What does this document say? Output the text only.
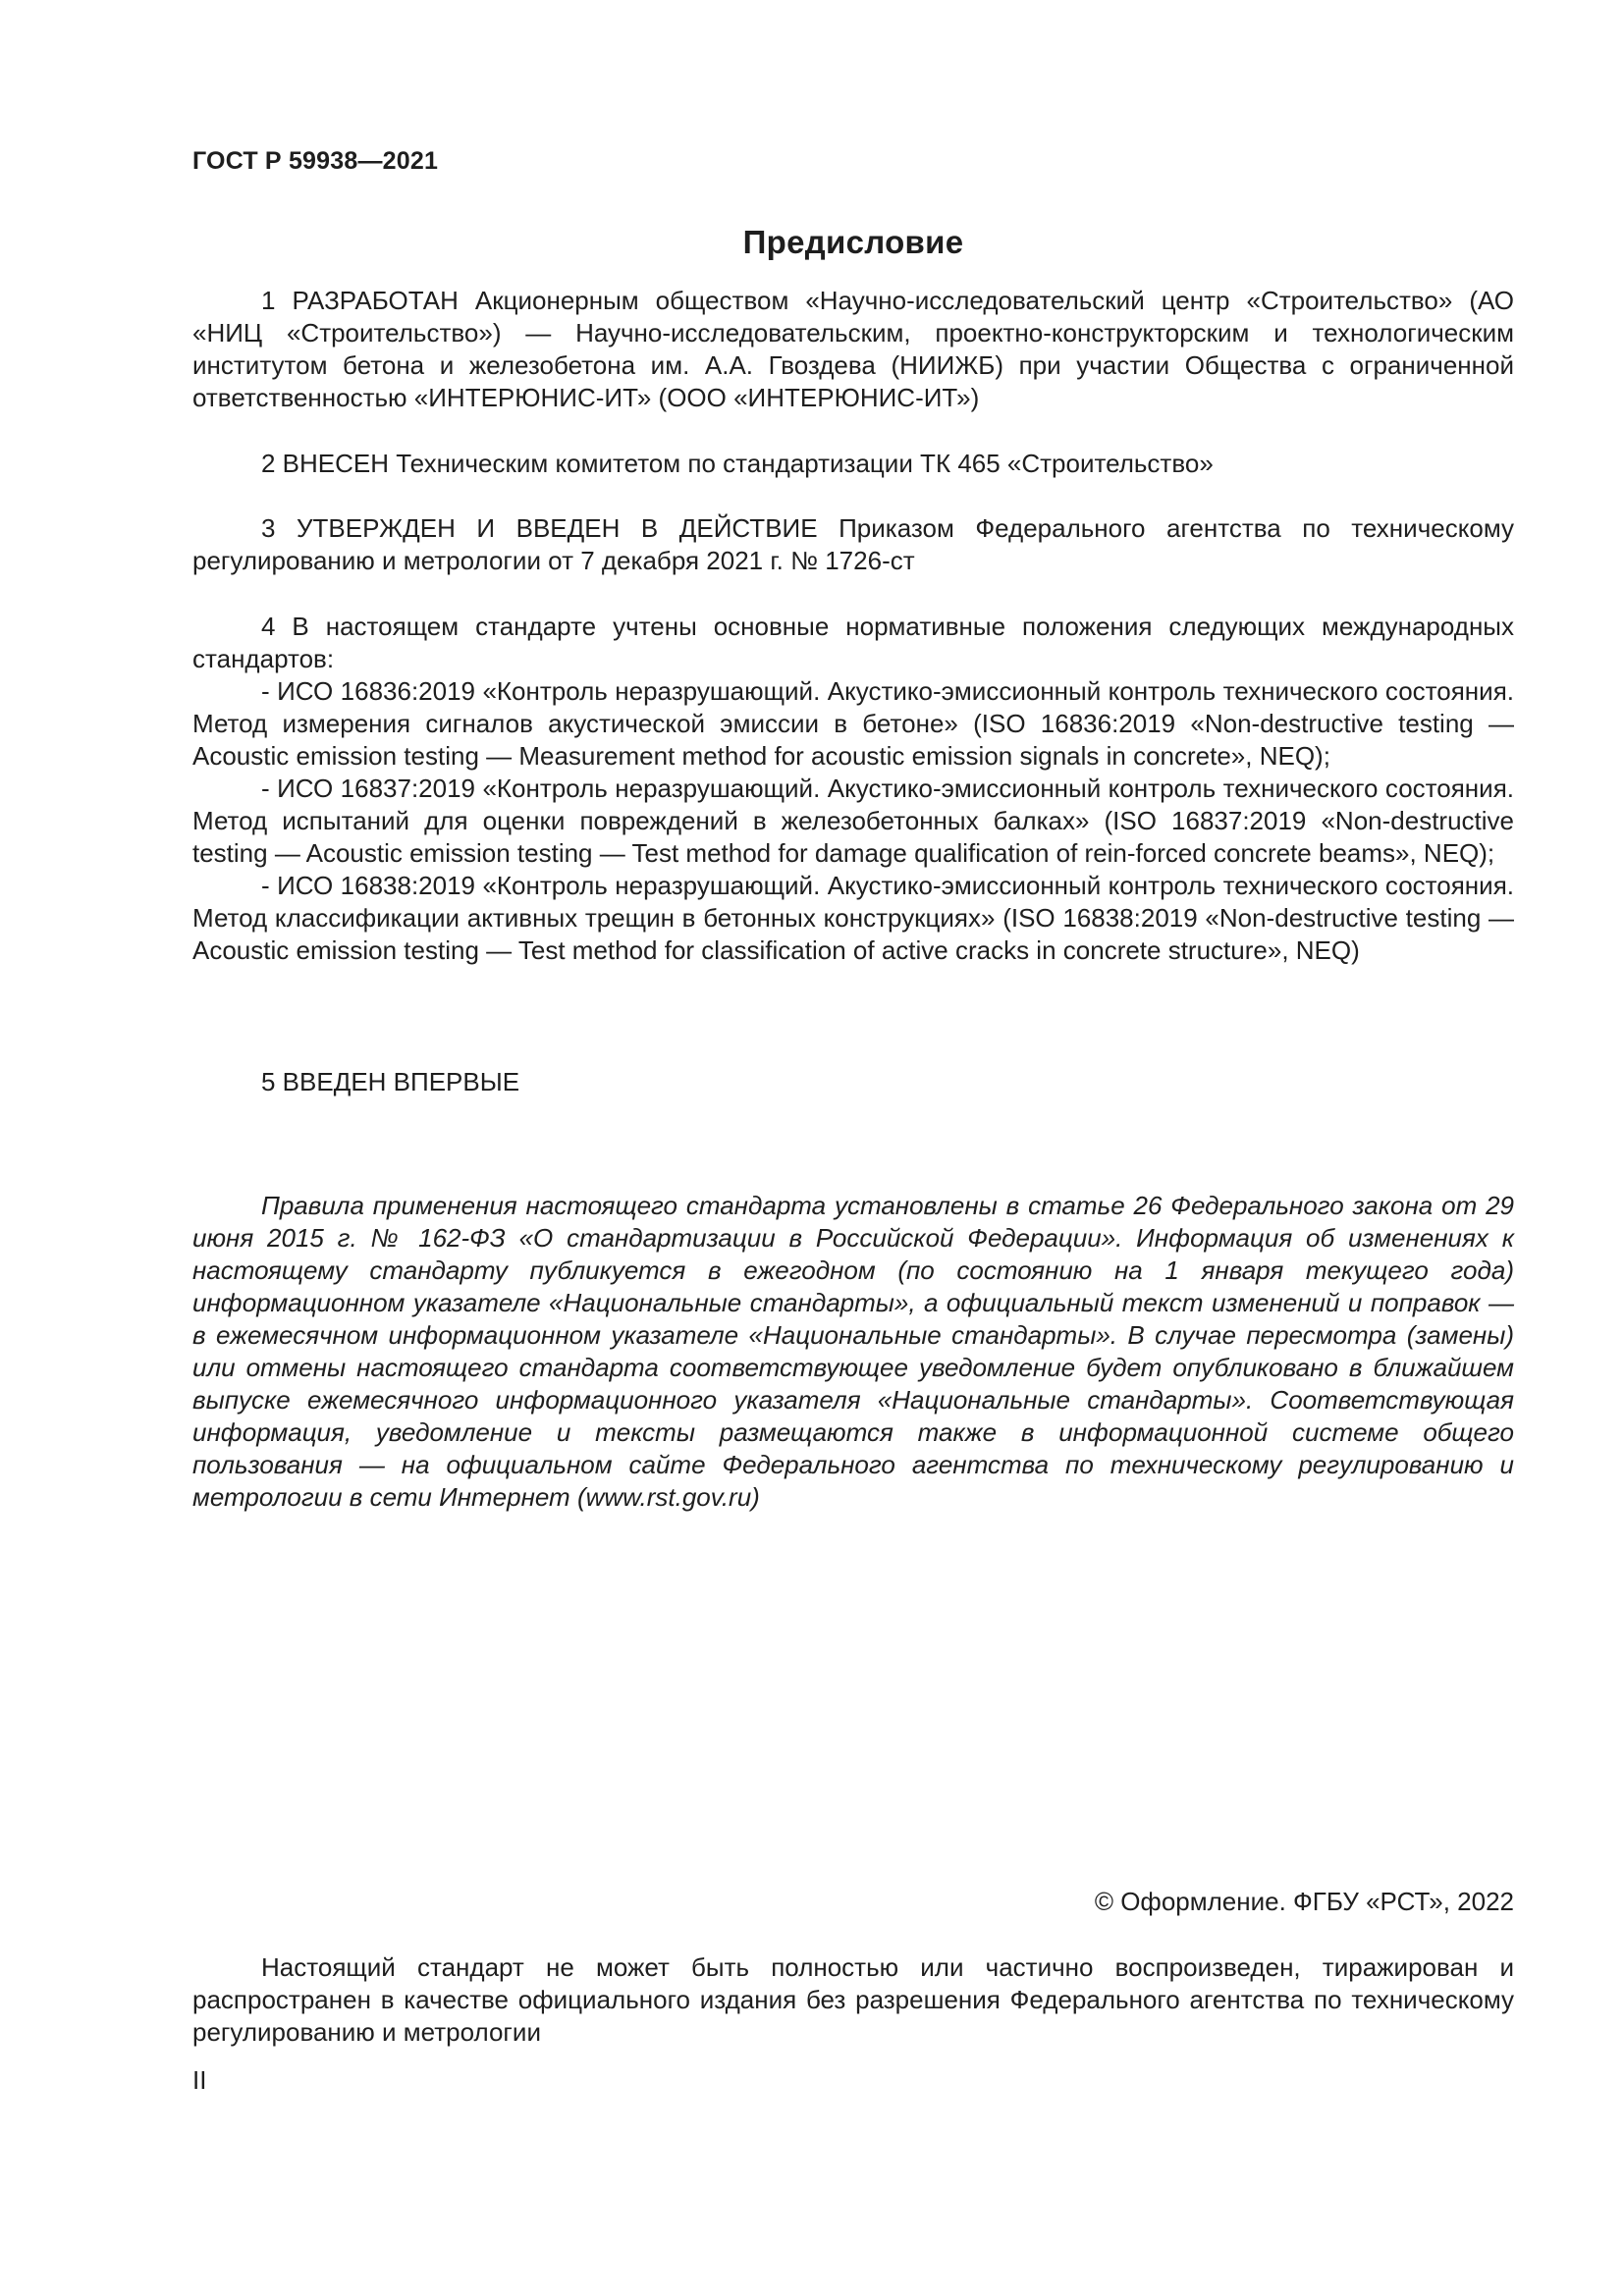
ГОСТ Р 59938—2021
Предисловие

1 РАЗРАБОТАН Акционерным обществом «Научно-исследовательский центр «Строительство» (АО «НИЦ «Строительство») — Научно-исследовательским, проектно-конструкторским и технологическим институтом бетона и железобетона им. А.А. Гвоздева (НИИЖБ) при участии Общества с ограниченной ответственностью «ИНТЕРЮНИС-ИТ» (ООО «ИНТЕРЮНИС-ИТ»)

2 ВНЕСЕН Техническим комитетом по стандартизации ТК 465 «Строительство»

3 УТВЕРЖДЕН И ВВЕДЕН В ДЕЙСТВИЕ Приказом Федерального агентства по техническому регулированию и метрологии от 7 декабря 2021 г. № 1726-ст

4 В настоящем стандарте учтены основные нормативные положения следующих международных стандартов:

- ИСО 16836:2019 «Контроль неразрушающий. Акустико-эмиссионный контроль технического состояния. Метод измерения сигналов акустической эмиссии в бетоне» (ISO 16836:2019 «Non-destructive testing — Acoustic emission testing — Measurement method for acoustic emission signals in concrete», NEQ);

- ИСО 16837:2019 «Контроль неразрушающий. Акустико-эмиссионный контроль технического состояния. Метод испытаний для оценки повреждений в железобетонных балках» (ISO 16837:2019 «Non-destructive testing — Acoustic emission testing — Test method for damage qualification of rein-forced concrete beams», NEQ);

- ИСО 16838:2019 «Контроль неразрушающий. Акустико-эмиссионный контроль технического состояния. Метод классификации активных трещин в бетонных конструкциях» (ISO 16838:2019 «Non-destructive testing — Acoustic emission testing — Test method for classification of active cracks in concrete structure», NEQ)

5 ВВЕДЕН ВПЕРВЫЕ

Правила применения настоящего стандарта установлены в статье 26 Федерального закона от 29 июня 2015 г. № 162-ФЗ «О стандартизации в Российской Федерации». Информация об изменениях к настоящему стандарту публикуется в ежегодном (по состоянию на 1 января текущего года) информационном указателе «Национальные стандарты», а официальный текст изменений и поправок — в ежемесячном информационном указателе «Национальные стандарты». В случае пересмотра (замены) или отмены настоящего стандарта соответствующее уведомление будет опубликовано в ближайшем выпуске ежемесячного информационного указателя «Национальные стандарты». Соответствующая информация, уведомление и тексты размещаются также в информационной системе общего пользования — на официальном сайте Федерального агентства по техническому регулированию и метрологии в сети Интернет (www.rst.gov.ru)

© Оформление. ФГБУ «РСТ», 2022

Настоящий стандарт не может быть полностью или частично воспроизведен, тиражирован и распространен в качестве официального издания без разрешения Федерального агентства по техническому регулированию и метрологии

II
